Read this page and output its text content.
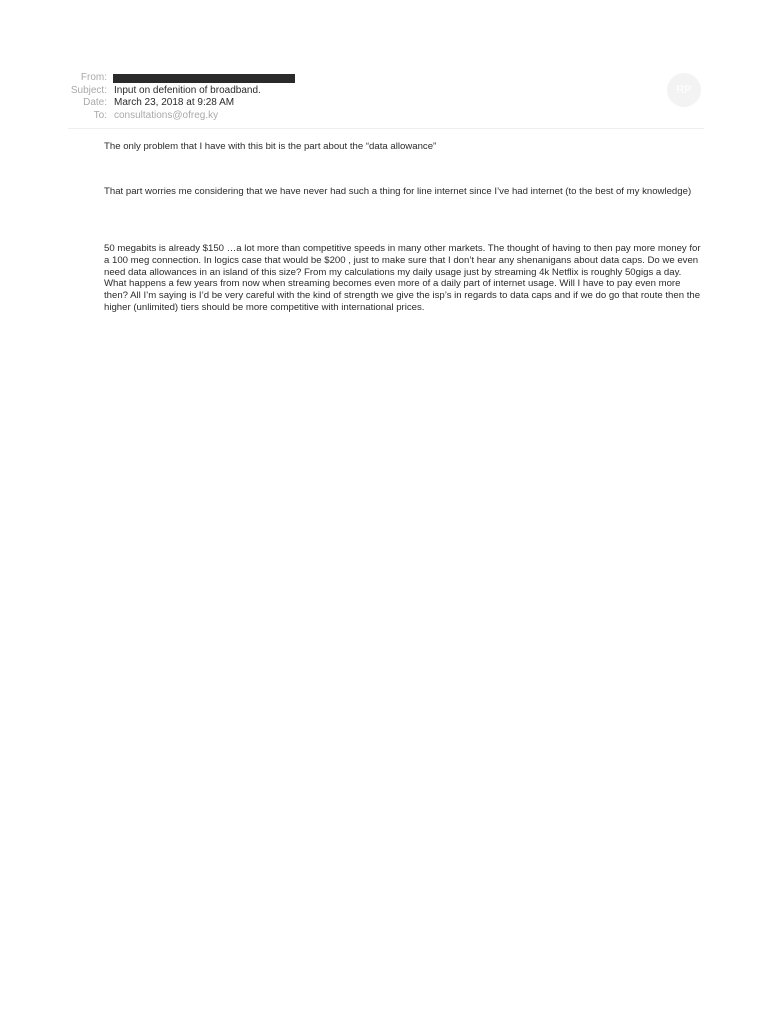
From:
Subject: Input on defenition of broadband.
Date: March 23, 2018 at 9:28 AM
To: consultations@ofreg.ky
RP
The only problem that I have with this bit is the part about the “data allowance”
That part worries me considering that we have never had such a thing for line internet since I’ve had internet (to the best of my knowledge)
50 megabits is already $150 …a lot more than competitive speeds in many other markets. The thought of having to then pay more money for a 100 meg connection. In logics case that would be $200 , just to make sure that I don’t hear any shenanigans about data caps. Do we even need data allowances in an island of this size? From my calculations my daily usage just by streaming 4k Netflix is roughly 50gigs a day. What happens a few years from now when streaming becomes even more of a daily part of internet usage. Will I have to pay even more then? All I’m saying is I’d be very careful with the kind of strength we give the isp’s in regards to data caps and if we do go that route then the higher (unlimited) tiers should be more competitive with international prices.
